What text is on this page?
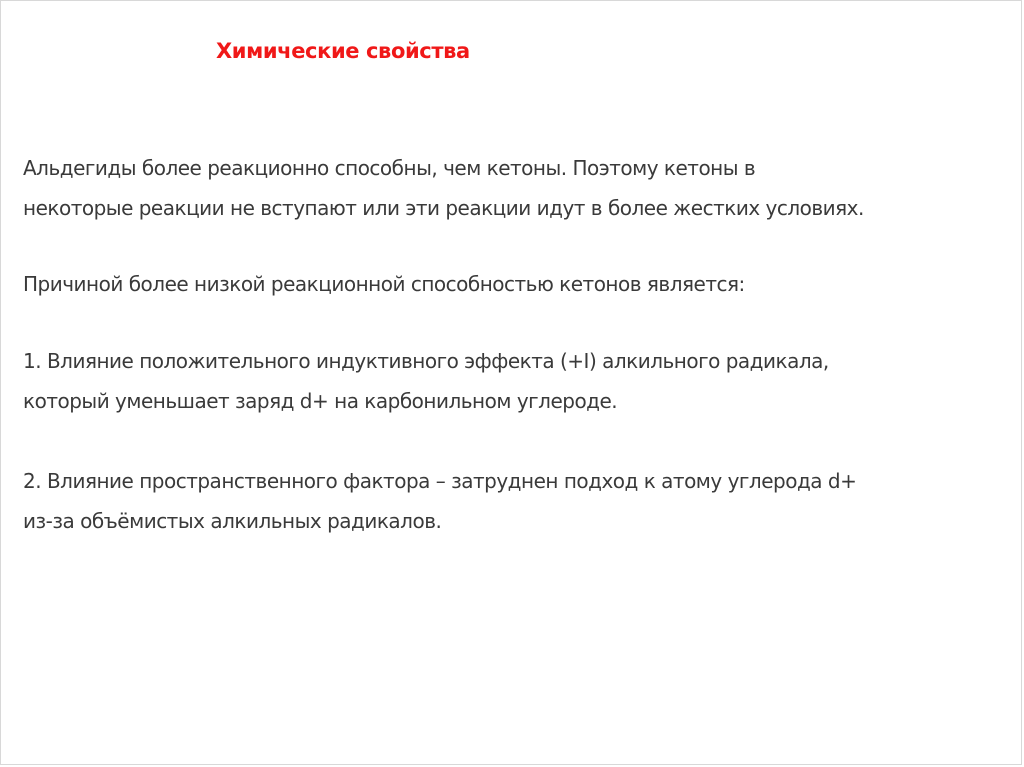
Химические свойства

Альдегиды более реакционно способны, чем кетоны. Поэтому кетоны в
некоторые реакции не вступают или эти реакции идут в более жестких условиях.

Причиной более низкой реакционной способностью кетонов является:

1. Влияние положительного индуктивного эффекта (+I) алкильного радикала,
который уменьшает заряд d+ на карбонильном углероде.

2. Влияние пространственного фактора – затруднен подход к атому углерода d+
из-за объёмистых алкильных радикалов.
